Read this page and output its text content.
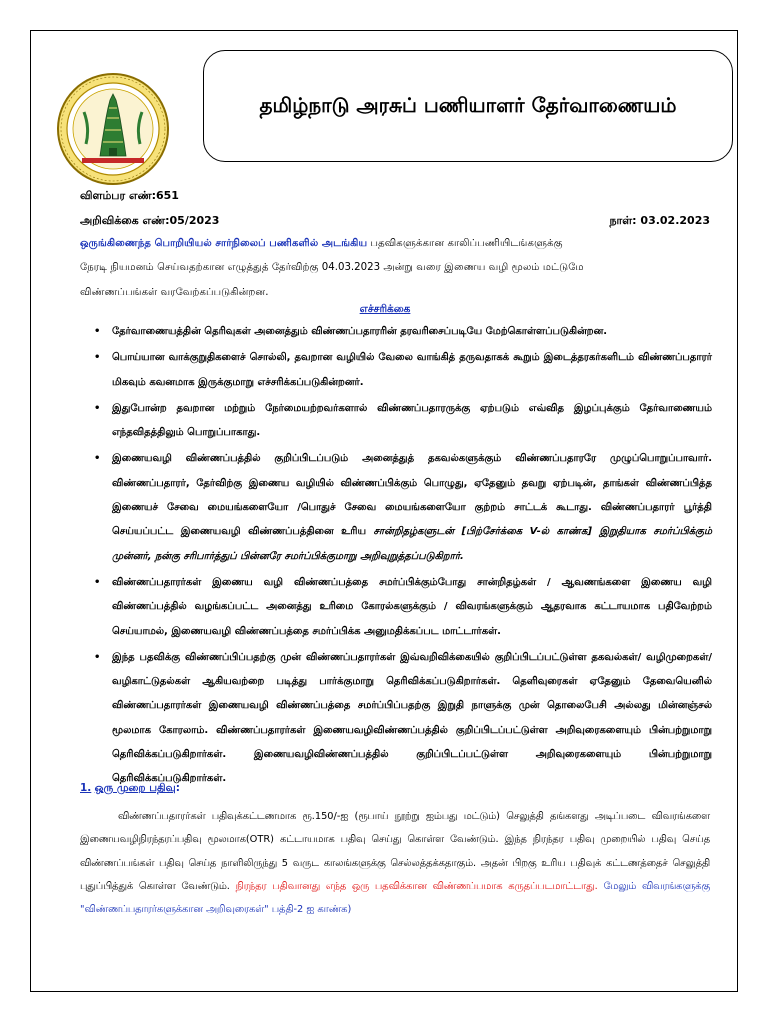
தமிழ்நாடு அரசுப் பணியாளர் தேர்வாணையம்
விளம்பர எண்:651
அறிவிக்கை எண்:05/2023	நாள்: 03.02.2023
ஒருங்கிணைந்த பொறியியல் சார்நிலைப் பணிகளில் அடங்கிய பதவிகளுக்கான காலிப்பணியிடங்களுக்கு
நேரடி நியமனம் செய்வதற்கான எழுத்துத் தேர்விற்கு 04.03.2023 அன்று வரை இணைய வழி மூலம் மட்டுமே
விண்ணப்பங்கள் வரவேற்கப்படுகின்றன.
எச்சரிக்கை
• தேர்வாணையத்தின் தெரிவுகள் அனைத்தும் விண்ணப்பதாரரின் தரவரிசைப்படியே மேற்கொள்ளப்படுகின்றன.
• பொய்யான வாக்குறுதிகளைச் சொல்லி, தவறான வழியில் வேலை வாங்கித் தருவதாகக் கூறும் இடைத்தரகர்களிடம் விண்ணப்பதாரர் மிகவும் கவனமாக இருக்குமாறு எச்சரிக்கப்படுகின்றனர்.
• இதுபோன்ற தவறான மற்றும் நேர்மையற்றவர்களால் விண்ணப்பதாரருக்கு ஏற்படும் எவ்வித இழப்புக்கும் தேர்வாணையம் எந்தவிதத்திலும் பொறுப்பாகாது.
• இணையவழி விண்ணப்பத்தில் குறிப்பிடப்படும் அனைத்துத் தகவல்களுக்கும் விண்ணப்பதாரரே முழுப்பொறுப்பாவார். விண்ணப்பதாரர், தேர்விற்கு இணைய வழியில் விண்ணப்பிக்கும் பொழுது, ஏதேனும் தவறு ஏற்படின், தாங்கள் விண்ணப்பித்த இணையச் சேவை மையங்களையோ /பொதுச் சேவை மையங்களையோ குற்றம் சாட்டக் கூடாது. விண்ணப்பதாரர் பூர்த்தி செய்யப்பட்ட இணையவழி விண்ணப்பத்தினை உரிய சான்றிதழ்களுடன் [பிற்சேர்க்கை V-ல் காண்க] இறுதியாக சமர்ப்பிக்கும் முன்னர், நன்கு சரிபார்த்துப் பின்னரே சமர்ப்பிக்குமாறு அறிவுறுத்தப்படுகிறார்.
• விண்ணப்பதாரர்கள் இணைய வழி விண்ணப்பத்தை சமர்ப்பிக்கும்போது சான்றிதழ்கள் / ஆவணங்களை இணைய வழி விண்ணப்பத்தில் வழங்கப்பட்ட அனைத்து உரிமை கோரல்களுக்கும் / விவரங்களுக்கும் ஆதரவாக கட்டாயமாக பதிவேற்றம் செய்யாமல், இணையவழி விண்ணப்பத்தை சமர்ப்பிக்க அனுமதிக்கப்பட மாட்டார்கள்.
• இந்த பதவிக்கு விண்ணப்பிப்பதற்கு முன் விண்ணப்பதாரர்கள் இவ்வறிவிக்கையில் குறிப்பிடப்பட்டுள்ள தகவல்கள்/ வழிமுறைகள்/ வழிகாட்டுதல்கள் ஆகியவற்றை படித்து பார்க்குமாறு தெரிவிக்கப்படுகிறார்கள். தெளிவுரைகள் ஏதேனும் தேவையெனில் விண்ணப்பதாரர்கள் இணையவழி விண்ணப்பத்தை சமர்ப்பிப்பதற்கு இறுதி நாளுக்கு முன் தொலைபேசி அல்லது மின்னஞ்சல் மூலமாக கோரலாம். விண்ணப்பதாரர்கள் இணையவழிவிண்ணப்பத்தில் குறிப்பிடப்பட்டுள்ள அறிவுரைகளையும் பின்பற்றுமாறு தெரிவிக்கப்படுகிறார்கள். இணையவழிவிண்ணப்பத்தில் குறிப்பிடப்பட்டுள்ள அறிவுரைகளையும் பின்பற்றுமாறு தெரிவிக்கப்படுகிறார்கள்.
1. ஒரு முறை பதிவு:
விண்ணப்பதாரர்கள் பதிவுக்கட்டணமாக ரூ.150/-ஐ (ரூபாய் நூற்று ஐம்பது மட்டும்) செலுத்தி தங்களது அடிப்படை விவரங்களை இணையவழிநிரந்தரப்பதிவு மூலமாக(OTR) கட்டாயமாக பதிவு செய்து கொள்ள வேண்டும். இந்த நிரந்தர பதிவு முறையில் பதிவு செய்த விண்ணப்பங்கள் பதிவு செய்த நாளிலிருந்து 5 வருட காலங்களுக்கு செல்லத்தக்கதாகும். அதன் பிறகு உரிய பதிவுக் கட்டணத்தைச் செலுத்தி புதுப்பித்துக் கொள்ள வேண்டும். நிரந்தர பதிவானது எந்த ஒரு பதவிக்கான விண்ணப்பமாக கருதப்படமாட்டாது. மேலும் விவரங்களுக்கு "விண்ணப்பதாரர்களுக்கான அறிவுரைகள்" பத்தி-2 ஐ காண்க)
